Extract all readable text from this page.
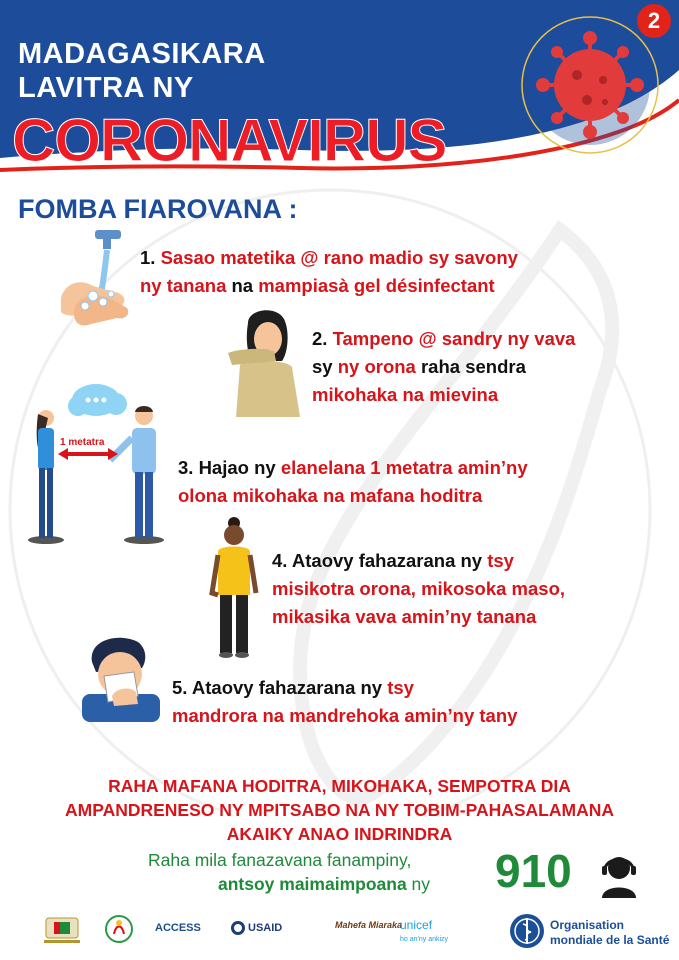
2
MADAGASIKARA
LAVITRA NY
CORONAVIRUS
FOMBA FIAROVANA :
1. Sasao matetika @ rano madio sy savony
ny tanana na mampiasà gel désinfectant
2. Tampeno @ sandry ny vava
sy ny orona raha sendra
mikohaka na mievina
1 metatra
3. Hajao ny elanelana 1 metatra amin’ny
olona mikohaka na mafana hoditra
4. Ataovy fahazarana ny tsy
misikotra orona, mikosoka maso,
mikasika vava amin’ny tanana
5. Ataovy fahazarana ny tsy
mandrora na mandrehoka amin’ny tany
RAHA MAFANA HODITRA, MIKOHAKA, SEMPOTRA DIA
AMPANDRENESO NY MPITSABO NA NY TOBIM-PAHASALAMANA
AKAIKY ANAO INDRINDRA
Raha mila fanazavana fanampiny,
antsoy maimaimpoana ny 910
ACCESS	USAID	Mahefa Miaraka
unicef
ho an'ny ankizy
Organisation
mondiale de la Santé
